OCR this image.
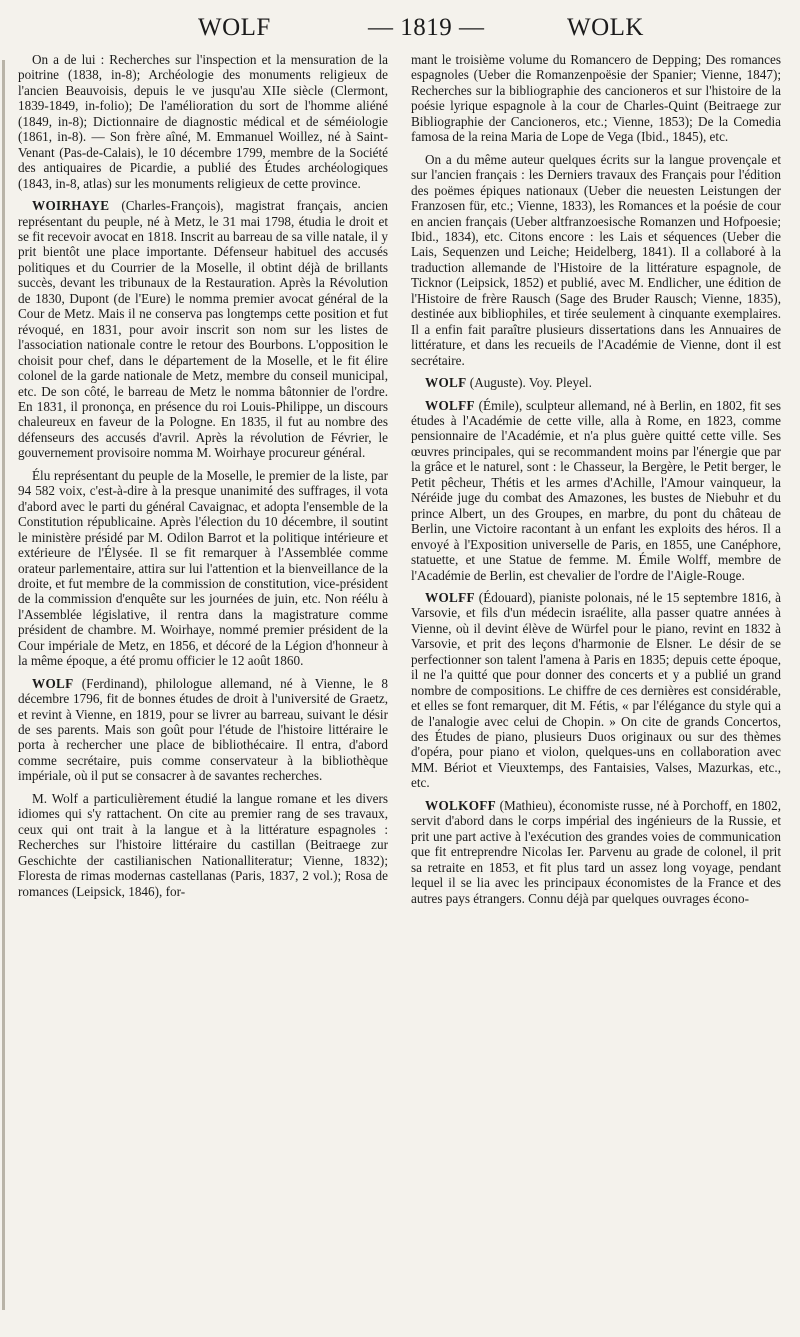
WOLF	— 1819 —	WOLK

On a de lui : Recherches sur l'inspection et la mensuration de la poitrine (1838, in-8); Archéologie des monuments religieux de l'ancien Beauvoisis, depuis le ve jusqu'au XIIe siècle (Clermont, 1839-1849, in-folio); De l'amélioration du sort de l'homme aliéné (1849, in-8); Dictionnaire de diagnostic médical et de séméiologie (1861, in-8). — Son frère aîné, M. Emmanuel Woillez, né à Saint-Venant (Pas-de-Calais), le 10 décembre 1799, membre de la Société des antiquaires de Picardie, a publié des Études archéologiques (1843, in-8, atlas) sur les monuments religieux de cette province.

WOIRHAYE (Charles-François), magistrat français, ancien représentant du peuple, né à Metz, le 31 mai 1798, étudia le droit et se fit recevoir avocat en 1818. Inscrit au barreau de sa ville natale, il y prit bientôt une place importante. Défenseur habituel des accusés politiques et du Courrier de la Moselle, il obtint déjà de brillants succès, devant les tribunaux de la Restauration. Après la Révolution de 1830, Dupont (de l'Eure) le nomma premier avocat général de la Cour de Metz. Mais il ne conserva pas longtemps cette position et fut révoqué, en 1831, pour avoir inscrit son nom sur les listes de l'association nationale contre le retour des Bourbons. L'opposition le choisit pour chef, dans le département de la Moselle, et le fit élire colonel de la garde nationale de Metz, membre du conseil municipal, etc. De son côté, le barreau de Metz le nomma bâtonnier de l'ordre. En 1831, il prononça, en présence du roi Louis-Philippe, un discours chaleureux en faveur de la Pologne. En 1835, il fut au nombre des défenseurs des accusés d'avril. Après la révolution de Février, le gouvernement provisoire nomma M. Woirhaye procureur général.

Élu représentant du peuple de la Moselle, le premier de la liste, par 94 582 voix, c'est-à-dire à la presque unanimité des suffrages, il vota d'abord avec le parti du général Cavaignac, et adopta l'ensemble de la Constitution républicaine. Après l'élection du 10 décembre, il soutint le ministère présidé par M. Odilon Barrot et la politique intérieure et extérieure de l'Élysée. Il se fit remarquer à l'Assemblée comme orateur parlementaire, attira sur lui l'attention et la bienveillance de la droite, et fut membre de la commission de constitution, vice-président de la commission d'enquête sur les journées de juin, etc. Non réélu à l'Assemblée législative, il rentra dans la magistrature comme président de chambre. M. Woirhaye, nommé premier président de la Cour impériale de Metz, en 1856, et décoré de la Légion d'honneur à la même époque, a été promu officier le 12 août 1860.

WOLF (Ferdinand), philologue allemand, né à Vienne, le 8 décembre 1796, fit de bonnes études de droit à l'université de Graetz, et revint à Vienne, en 1819, pour se livrer au barreau, suivant le désir de ses parents. Mais son goût pour l'étude de l'histoire littéraire le porta à rechercher une place de bibliothécaire. Il entra, d'abord comme secrétaire, puis comme conservateur à la bibliothèque impériale, où il put se consacrer à de savantes recherches.

M. Wolf a particulièrement étudié la langue romane et les divers idiomes qui s'y rattachent. On cite au premier rang de ses travaux, ceux qui ont trait à la langue et à la littérature espagnoles : Recherches sur l'histoire littéraire du castillan (Beitraege zur Geschichte der castilianischen Nationalliteratur; Vienne, 1832); Floresta de rimas modernas castellanas (Paris, 1837, 2 vol.); Rosa de romances (Leipsick, 1846), for-

mant le troisième volume du Romancero de Depping; Des romances espagnoles (Ueber die Romanzenpoësie der Spanier; Vienne, 1847); Recherches sur la bibliographie des cancioneros et sur l'histoire de la poésie lyrique espagnole à la cour de Charles-Quint (Beitraege zur Bibliographie der Cancioneros, etc.; Vienne, 1853); De la Comedia famosa de la reina Maria de Lope de Vega (Ibid., 1845), etc.

On a du même auteur quelques écrits sur la langue provençale et sur l'ancien français : les Derniers travaux des Français pour l'édition des poëmes épiques nationaux (Ueber die neuesten Leistungen der Franzosen für, etc.; Vienne, 1833), les Romances et la poésie de cour en ancien français (Ueber altfranzoesische Romanzen und Hofpoesie; Ibid., 1834), etc. Citons encore : les Lais et séquences (Ueber die Lais, Sequenzen und Leiche; Heidelberg, 1841). Il a collaboré à la traduction allemande de l'Histoire de la littérature espagnole, de Ticknor (Leipsick, 1852) et publié, avec M. Endlicher, une édition de l'Histoire de frère Rausch (Sage des Bruder Rausch; Vienne, 1835), destinée aux bibliophiles, et tirée seulement à cinquante exemplaires. Il a enfin fait paraître plusieurs dissertations dans les Annuaires de littérature, et dans les recueils de l'Académie de Vienne, dont il est secrétaire.

WOLF (Auguste). Voy. Pleyel.

WOLFF (Émile), sculpteur allemand, né à Berlin, en 1802, fit ses études à l'Académie de cette ville, alla à Rome, en 1823, comme pensionnaire de l'Académie, et n'a plus guère quitté cette ville. Ses œuvres principales, qui se recommandent moins par l'énergie que par la grâce et le naturel, sont : le Chasseur, la Bergère, le Petit berger, le Petit pêcheur, Thétis et les armes d'Achille, l'Amour vainqueur, la Néréide juge du combat des Amazones, les bustes de Niebuhr et du prince Albert, un des Groupes, en marbre, du pont du château de Berlin, une Victoire racontant à un enfant les exploits des héros. Il a envoyé à l'Exposition universelle de Paris, en 1855, une Canéphore, statuette, et une Statue de femme. M. Émile Wolff, membre de l'Académie de Berlin, est chevalier de l'ordre de l'Aigle-Rouge.

WOLFF (Édouard), pianiste polonais, né le 15 septembre 1816, à Varsovie, et fils d'un médecin israélite, alla passer quatre années à Vienne, où il devint élève de Würfel pour le piano, revint en 1832 à Varsovie, et prit des leçons d'harmonie de Elsner. Le désir de se perfectionner son talent l'amena à Paris en 1835; depuis cette époque, il ne l'a quitté que pour donner des concerts et y a publié un grand nombre de compositions. Le chiffre de ces dernières est considérable, et elles se font remarquer, dit M. Fétis, « par l'élégance du style qui a de l'analogie avec celui de Chopin. » On cite de grands Concertos, des Études de piano, plusieurs Duos originaux ou sur des thèmes d'opéra, pour piano et violon, quelques-uns en collaboration avec MM. Bériot et Vieuxtemps, des Fantaisies, Valses, Mazurkas, etc., etc.

WOLKOFF (Mathieu), économiste russe, né à Porchoff, en 1802, servit d'abord dans le corps impérial des ingénieurs de la Russie, et prit une part active à l'exécution des grandes voies de communication que fit entreprendre Nicolas Ier. Parvenu au grade de colonel, il prit sa retraite en 1853, et fit plus tard un assez long voyage, pendant lequel il se lia avec les principaux économistes de la France et des autres pays étrangers. Connu déjà par quelques ouvrages écono-
